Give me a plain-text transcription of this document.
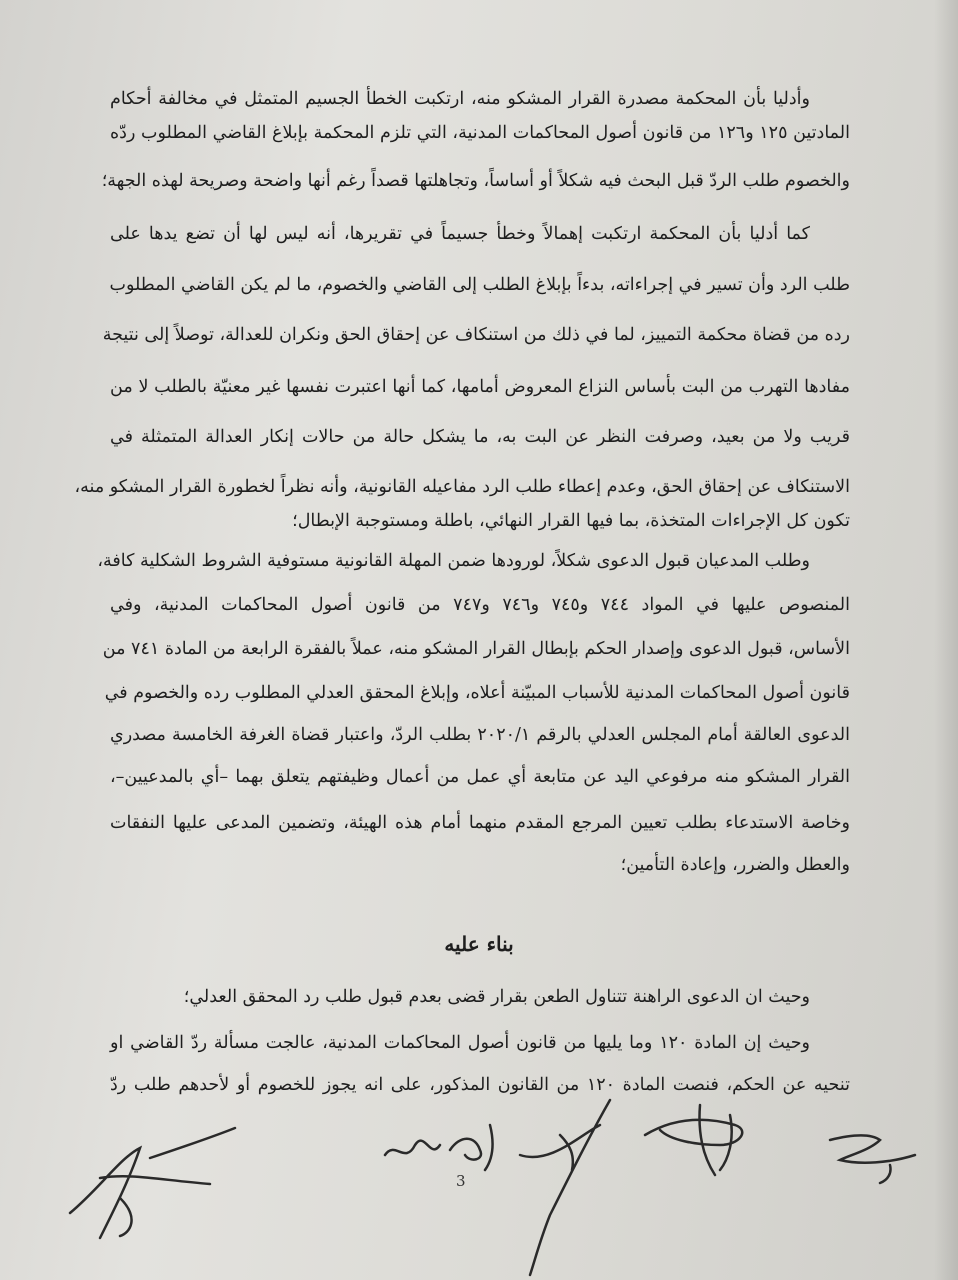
وأدليا بأن المحكمة مصدرة القرار المشكو منه، ارتكبت الخطأ الجسيم المتمثل في مخالفة أحكام
المادتين ١٢٥ و١٢٦ من قانون أصول المحاكمات المدنية، التي تلزم المحكمة بإبلاغ القاضي المطلوب ردّه
والخصوم طلب الردّ قبل البحث فيه شكلاً أو أساساً، وتجاهلتها قصداً رغم أنها واضحة وصريحة لهذه الجهة؛
كما أدليا بأن المحكمة ارتكبت إهمالاً وخطأ جسيماً في تقريرها، أنه ليس لها أن تضع يدها على
طلب الرد وأن تسير في إجراءاته، بدءاً بإبلاغ الطلب إلى القاضي والخصوم، ما لم يكن القاضي المطلوب
رده من قضاة محكمة التمييز، لما في ذلك من استنكاف عن إحقاق الحق ونكران للعدالة، توصلاً إلى نتيجة
مفادها التهرب من البت بأساس النزاع المعروض أمامها، كما أنها اعتبرت نفسها غير معنيّة بالطلب لا من
قريب ولا من بعيد، وصرفت النظر عن البت به، ما يشكل حالة من حالات إنكار العدالة المتمثلة في
الاستنكاف عن إحقاق الحق، وعدم إعطاء طلب الرد مفاعيله القانونية، وأنه نظراً لخطورة القرار المشكو منه،
تكون كل الإجراءات المتخذة، بما فيها القرار النهائي، باطلة ومستوجبة الإبطال؛
وطلب المدعيان قبول الدعوى شكلاً، لورودها ضمن المهلة القانونية مستوفية الشروط الشكلية كافة،
المنصوص عليها في المواد ٧٤٤ و٧٤٥ و٧٤٦ و٧٤٧ من قانون أصول المحاكمات المدنية، وفي
الأساس، قبول الدعوى وإصدار الحكم بإبطال القرار المشكو منه، عملاً بالفقرة الرابعة من المادة ٧٤١ من
قانون أصول المحاكمات المدنية للأسباب المبيّنة أعلاه، وإبلاغ المحقق العدلي المطلوب رده والخصوم في
الدعوى العالقة أمام المجلس العدلي بالرقم ٢٠٢٠/١ بطلب الردّ، واعتبار قضاة الغرفة الخامسة مصدري
القرار المشكو منه مرفوعي اليد عن متابعة أي عمل من أعمال وظيفتهم يتعلق بهما –أي بالمدعيين–،
وخاصة الاستدعاء بطلب تعيين المرجع المقدم منهما أمام هذه الهيئة، وتضمين المدعى عليها النفقات
والعطل والضرر، وإعادة التأمين؛
بناء عليه
وحيث ان الدعوى الراهنة تتناول الطعن بقرار قضى بعدم قبول طلب رد المحقق العدلي؛
وحيث إن المادة ١٢٠ وما يليها من قانون أصول المحاكمات المدنية، عالجت مسألة ردّ القاضي او
تنحيه عن الحكم، فنصت المادة ١٢٠ من القانون المذكور، على انه يجوز للخصوم أو لأحدهم طلب ردّ
3
